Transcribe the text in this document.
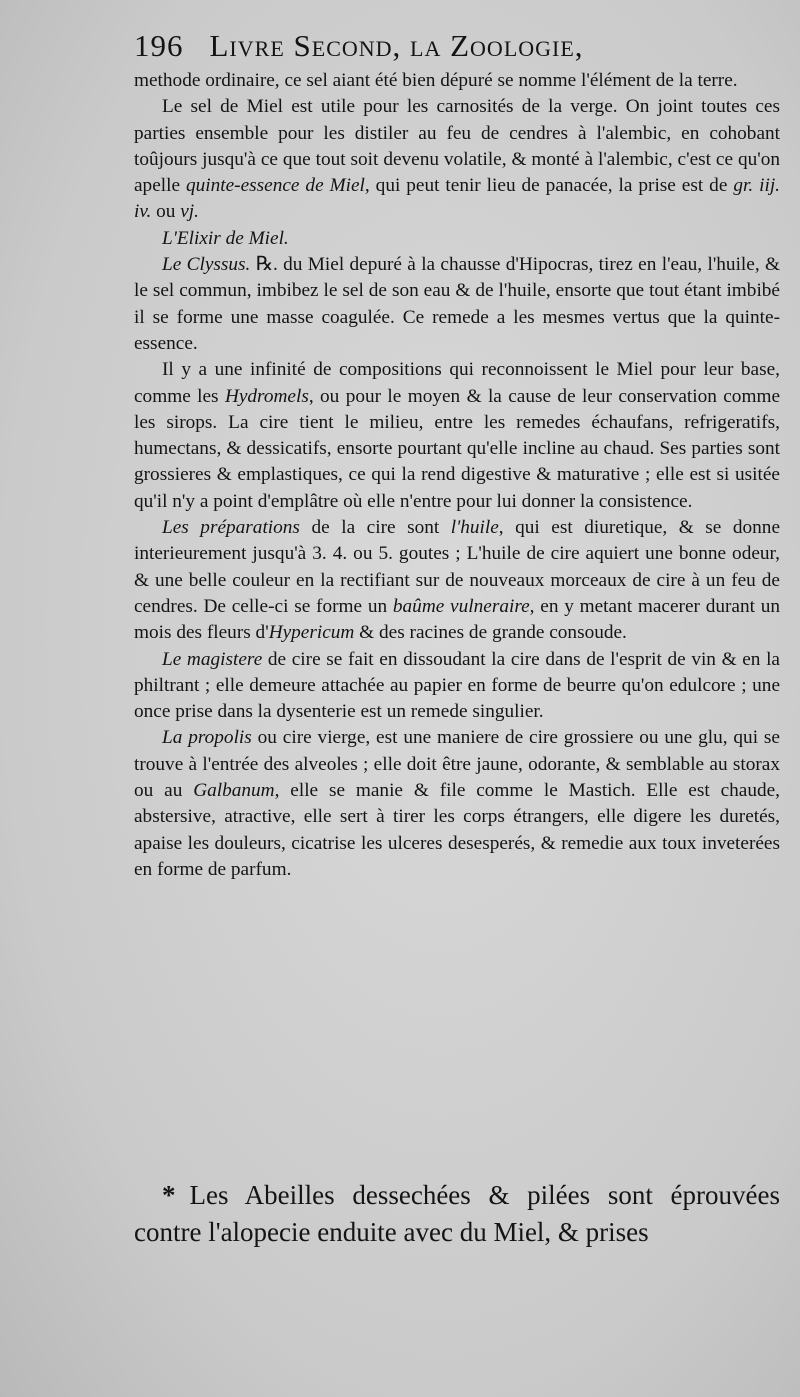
196 Livre Second, la Zoologie,

methode ordinaire, ce sel aiant été bien dépuré se nomme l'élément de la terre.

Le sel de Miel est utile pour les carnosités de la verge. On joint toutes ces parties ensemble pour les distiler au feu de cendres à l'alembic, en cohobant toûjours jusqu'à ce que tout soit devenu volatile, & monté à l'alembic, c'est ce qu'on apelle quinte-essence de Miel, qui peut tenir lieu de panacée, la prise est de gr. iij. iv. ou vj.

L'Elixir de Miel.

Le Clyssus. ℞. du Miel depuré à la chausse d'Hipocras, tirez en l'eau, l'huile, & le sel commun, imbibez le sel de son eau & de l'huile, ensorte que tout étant imbibé il se forme une masse coagulée. Ce remede a les mesmes vertus que la quinte-essence.

Il y a une infinité de compositions qui reconnoissent le Miel pour leur base, comme les Hydromels, ou pour le moyen & la cause de leur conservation comme les sirops. La cire tient le milieu, entre les remedes échaufans, refrigeratifs, humectans, & dessicatifs, ensorte pourtant qu'elle incline au chaud. Ses parties sont grossieres & emplastiques, ce qui la rend digestive & maturative ; elle est si usitée qu'il n'y a point d'emplâtre où elle n'entre pour lui donner la consistence.

Les préparations de la cire sont l'huile, qui est diuretique, & se donne interieurement jusqu'à 3. 4. ou 5. goutes ; L'huile de cire aquiert une bonne odeur, & une belle couleur en la rectifiant sur de nouveaux morceaux de cire à un feu de cendres. De celle-ci se forme un baûme vulneraire, en y metant macerer durant un mois des fleurs d'Hypericum & des racines de grande consoude.

Le magistere de cire se fait en dissoudant la cire dans de l'esprit de vin & en la philtrant ; elle demeure attachée au papier en forme de beurre qu'on edulcore ; une once prise dans la dysenterie est un remede singulier.

La propolis ou cire vierge, est une maniere de cire grossiere ou une glu, qui se trouve à l'entrée des alveoles ; elle doit être jaune, odorante, & semblable au storax ou au Galbanum, elle se manie & file comme le Mastich. Elle est chaude, abstersive, atractive, elle sert à tirer les corps étrangers, elle digere les duretés, apaise les douleurs, cicatrise les ulceres desesperés, & remedie aux toux inveterées en forme de parfum.

* Les Abeilles dessechées & pilées sont éprouvées contre l'alopecie enduite avec du Miel, & prises
